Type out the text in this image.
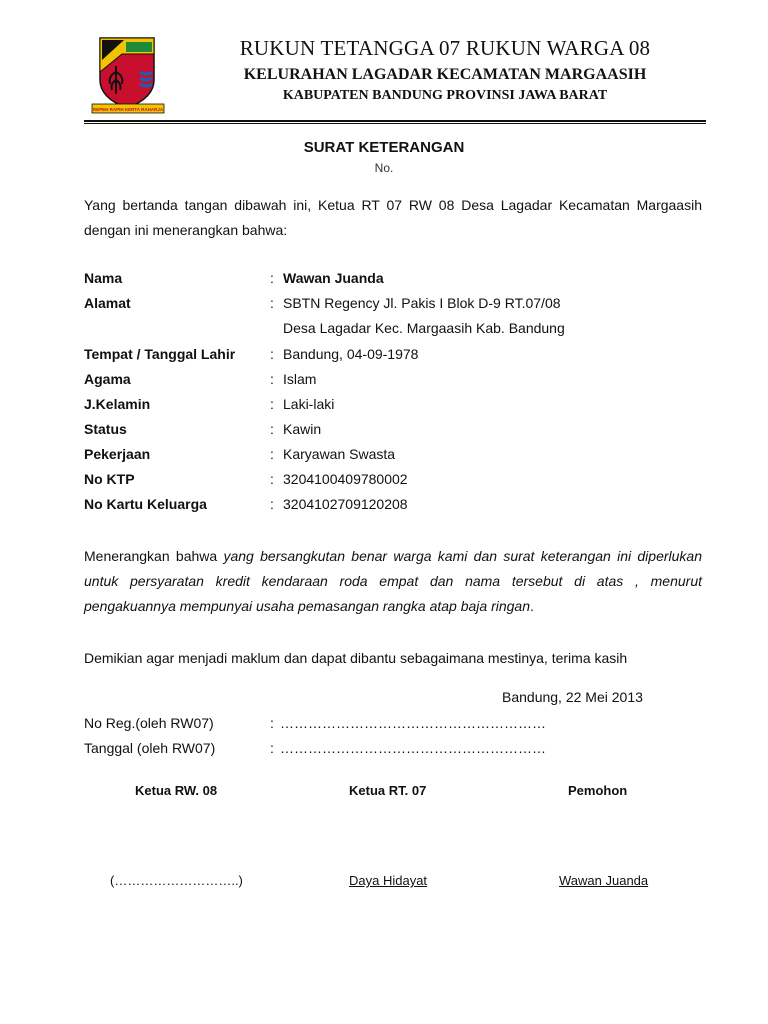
REPEH RAPIH KERTA RAHARJA
RUKUN TETANGGA 07 RUKUN WARGA 08
KELURAHAN LAGADAR KECAMATAN MARGAASIH
KABUPATEN BANDUNG PROVINSI JAWA BARAT
SURAT KETERANGAN
No.
Yang bertanda tangan dibawah ini, Ketua RT 07 RW 08 Desa Lagadar Kecamatan Margaasih dengan ini menerangkan bahwa:
Nama	: Wawan Juanda
Alamat	: SBTN Regency Jl. Pakis I Blok D-9 RT.07/08
Desa Lagadar Kec. Margaasih Kab. Bandung
Tempat / Tanggal Lahir : Bandung, 04-09-1978
Agama	: Islam
J.Kelamin	: Laki-laki
Status	: Kawin
Pekerjaan	: Karyawan Swasta
No KTP	: 3204100409780002
No Kartu Keluarga	: 3204102709120208
Menerangkan bahwa yang bersangkutan benar warga kami dan surat keterangan ini diperlukan untuk persyaratan kredit kendaraan roda empat dan nama tersebut di atas , menurut pengakuannya mempunyai usaha pemasangan rangka atap baja ringan.
Demikian agar menjadi maklum dan dapat dibantu sebagaimana mestinya, terima kasih
Bandung, 22 Mei 2013
No Reg.(oleh RW07)	: …………………………………………………
Tanggal (oleh RW07)	: …………………………………………………
Ketua RW. 08	Ketua RT. 07	Pemohon
(………………………..)	Daya Hidayat	Wawan Juanda
